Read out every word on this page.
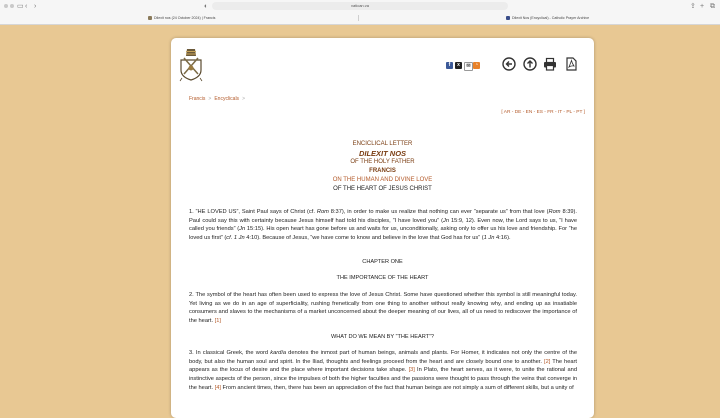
▭ ‹ ›	◐	vatican.va	⇪ + ⧉
Dilexit nos (24 October 2024) | Francis	Dilexit Nos (Encyclical) - Catholic Prayer Archive
f	x	✉ ◔
Francis > Encyclicals >
[ AR - DE - EN - ES - FR - IT - PL - PT ]
ENCICLICAL LETTER
DILEXIT NOS
OF THE HOLY FATHER
FRANCIS
ON THE HUMAN AND DIVINE LOVE
OF THE HEART OF JESUS CHRIST
1. “HE LOVED US”, Saint Paul says of Christ (cf. Rom 8:37), in order to make us realize that nothing can ever “separate us” from that love (Rom 8:39). Paul could say this with certainty because Jesus himself had told his disciples, “I have loved you” (Jn 15:9, 12). Even now, the Lord says to us, “I have called you friends” (Jn 15:15). His open heart has gone before us and waits for us, unconditionally, asking only to offer us his love and friendship. For “he loved us first” (cf. 1 Jn 4:10). Because of Jesus, “we have come to know and believe in the love that God has for us” (1 Jn 4:16).
CHAPTER ONE
THE IMPORTANCE OF THE HEART
2. The symbol of the heart has often been used to express the love of Jesus Christ. Some have questioned whether this symbol is still meaningful today. Yet living as we do in an age of superficiality, rushing frenetically from one thing to another without really knowing why, and ending up as insatiable consumers and slaves to the mechanisms of a market unconcerned about the deeper meaning of our lives, all of us need to rediscover the importance of the heart. [1]
WHAT DO WE MEAN BY “THE HEART”?
3. In classical Greek, the word kardía denotes the inmost part of human beings, animals and plants. For Homer, it indicates not only the centre of the body, but also the human soul and spirit. In the Iliad, thoughts and feelings proceed from the heart and are closely bound one to another. [2] The heart appears as the locus of desire and the place where important decisions take shape. [3] In Plato, the heart serves, as it were, to unite the rational and instinctive aspects of the person, since the impulses of both the higher faculties and the passions were thought to pass through the veins that converge in the heart. [4] From ancient times, then, there has been an appreciation of the fact that human beings are not simply a sum of different skills, but a unity of
